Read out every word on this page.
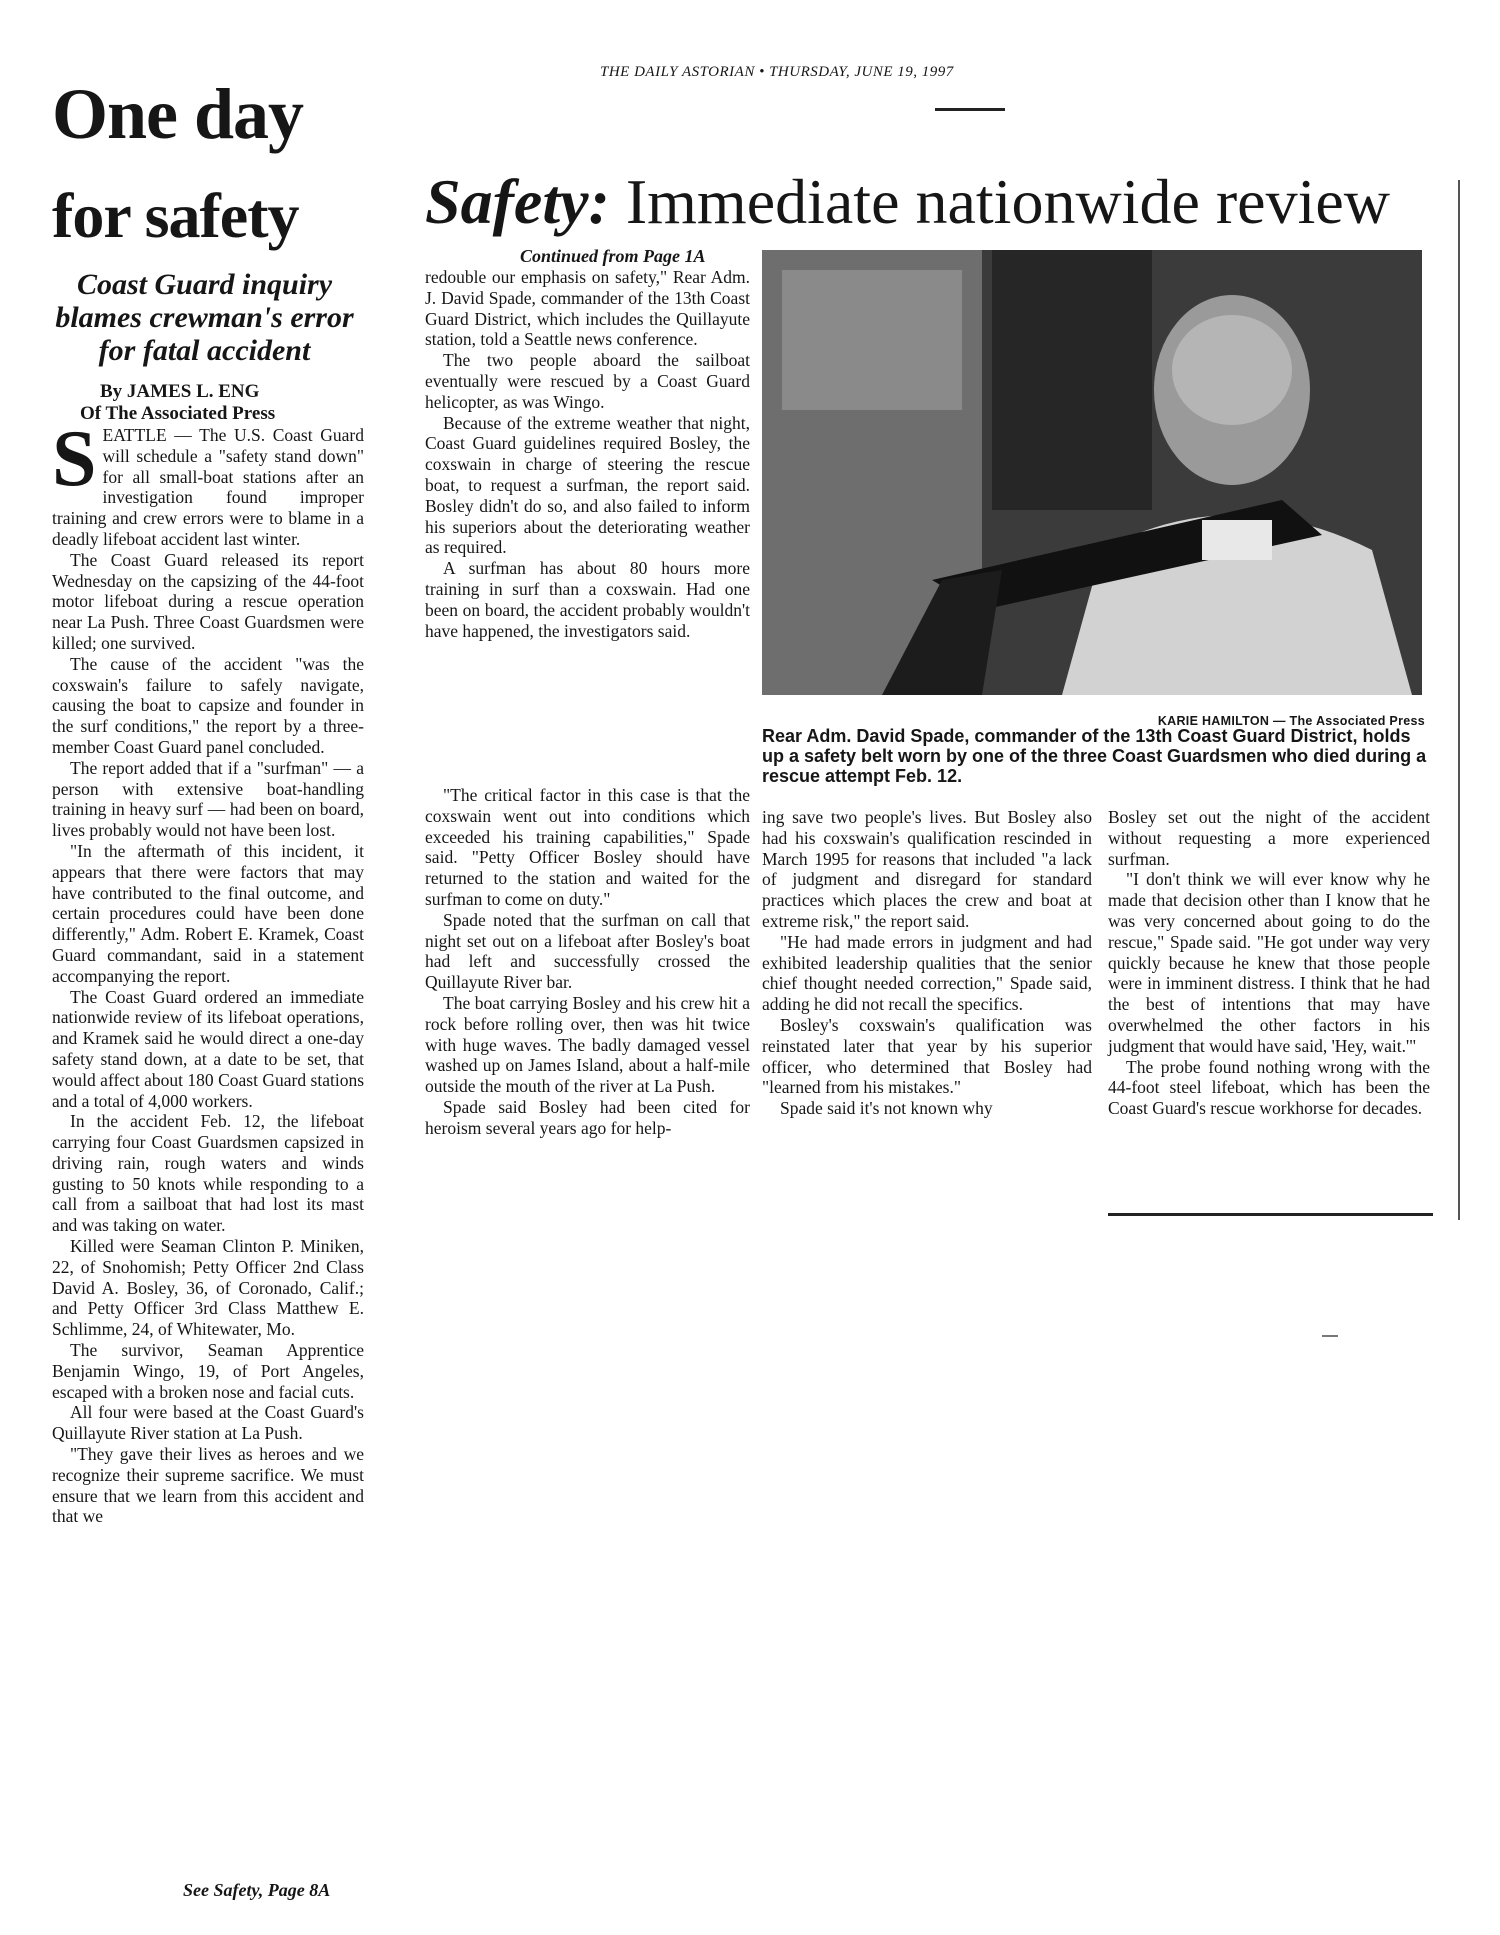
THE DAILY ASTORIAN • THURSDAY, JUNE 19, 1997
One day
for safety
Coast Guard inquiry
blames crewman's error
for fatal accident
By JAMES L. ENG
Of The Associated Press

SEATTLE — The U.S. Coast Guard will schedule a "safety stand down" for all small-boat stations after an investigation found improper training and crew errors were to blame in a deadly lifeboat accident last winter.

The Coast Guard released its report Wednesday on the capsizing of the 44-foot motor lifeboat during a rescue operation near La Push. Three Coast Guardsmen were killed; one survived.

The cause of the accident "was the coxswain's failure to safely navigate, causing the boat to capsize and founder in the surf conditions," the report by a three-member Coast Guard panel concluded.

The report added that if a "surfman" — a person with extensive boat-handling training in heavy surf — had been on board, lives probably would not have been lost.

"In the aftermath of this incident, it appears that there were factors that may have contributed to the final outcome, and certain procedures could have been done differently," Adm. Robert E. Kramek, Coast Guard commandant, said in a statement accompanying the report.

The Coast Guard ordered an immediate nationwide review of its lifeboat operations, and Kramek said he would direct a one-day safety stand down, at a date to be set, that would affect about 180 Coast Guard stations and a total of 4,000 workers.

In the accident Feb. 12, the lifeboat carrying four Coast Guardsmen capsized in driving rain, rough waters and winds gusting to 50 knots while responding to a call from a sailboat that had lost its mast and was taking on water.

Killed were Seaman Clinton P. Miniken, 22, of Snohomish; Petty Officer 2nd Class David A. Bosley, 36, of Coronado, Calif.; and Petty Officer 3rd Class Matthew E. Schlimme, 24, of Whitewater, Mo.

The survivor, Seaman Apprentice Benjamin Wingo, 19, of Port Angeles, escaped with a broken nose and facial cuts.

All four were based at the Coast Guard's Quillayute River station at La Push.

"They gave their lives as heroes and we recognize their supreme sacrifice. We must ensure that we learn from this accident and that we

See Safety, Page 8A
Safety: Immediate nationwide review
Continued from Page 1A

redouble our emphasis on safety," Rear Adm. J. David Spade, commander of the 13th Coast Guard District, which includes the Quillayute station, told a Seattle news conference.

The two people aboard the sailboat eventually were rescued by a Coast Guard helicopter, as was Wingo.

Because of the extreme weather that night, Coast Guard guidelines required Bosley, the coxswain in charge of steering the rescue boat, to request a surfman, the report said. Bosley didn't do so, and also failed to inform his superiors about the deteriorating weather as required.

A surfman has about 80 hours more training in surf than a coxswain. Had one been on board, the accident probably wouldn't have happened, the investigators said.

"The critical factor in this case is that the coxswain went out into conditions which exceeded his training capabilities," Spade said. "Petty Officer Bosley should have returned to the station and waited for the surfman to come on duty."

Spade noted that the surfman on call that night set out on a lifeboat after Bosley's boat had left and successfully crossed the Quillayute River bar.

The boat carrying Bosley and his crew hit a rock before rolling over, then was hit twice with huge waves. The badly damaged vessel washed up on James Island, about a half-mile outside the mouth of the river at La Push.

Spade said Bosley had been cited for heroism several years ago for help-

KARIE HAMILTON — The Associated Press
Rear Adm. David Spade, commander of the 13th Coast Guard District, holds up a safety belt worn by one of the three Coast Guardsmen who died during a rescue attempt Feb. 12.

ing save two people's lives. But Bosley also had his coxswain's qualification rescinded in March 1995 for reasons that included "a lack of judgment and disregard for standard practices which places the crew and boat at extreme risk," the report said.

"He had made errors in judgment and had exhibited leadership qualities that the senior chief thought needed correction," Spade said, adding he did not recall the specifics.

Bosley's coxswain's qualification was reinstated later that year by his superior officer, who determined that Bosley had "learned from his mistakes."

Spade said it's not known why

Bosley set out the night of the accident without requesting a more experienced surfman.

"I don't think we will ever know why he made that decision other than I know that he was very concerned about going to do the rescue," Spade said. "He got under way very quickly because he knew that those people were in imminent distress. I think that he had the best of intentions that may have overwhelmed the other factors in his judgment that would have said, 'Hey, wait.'"

The probe found nothing wrong with the 44-foot steel lifeboat, which has been the Coast Guard's rescue workhorse for decades.
